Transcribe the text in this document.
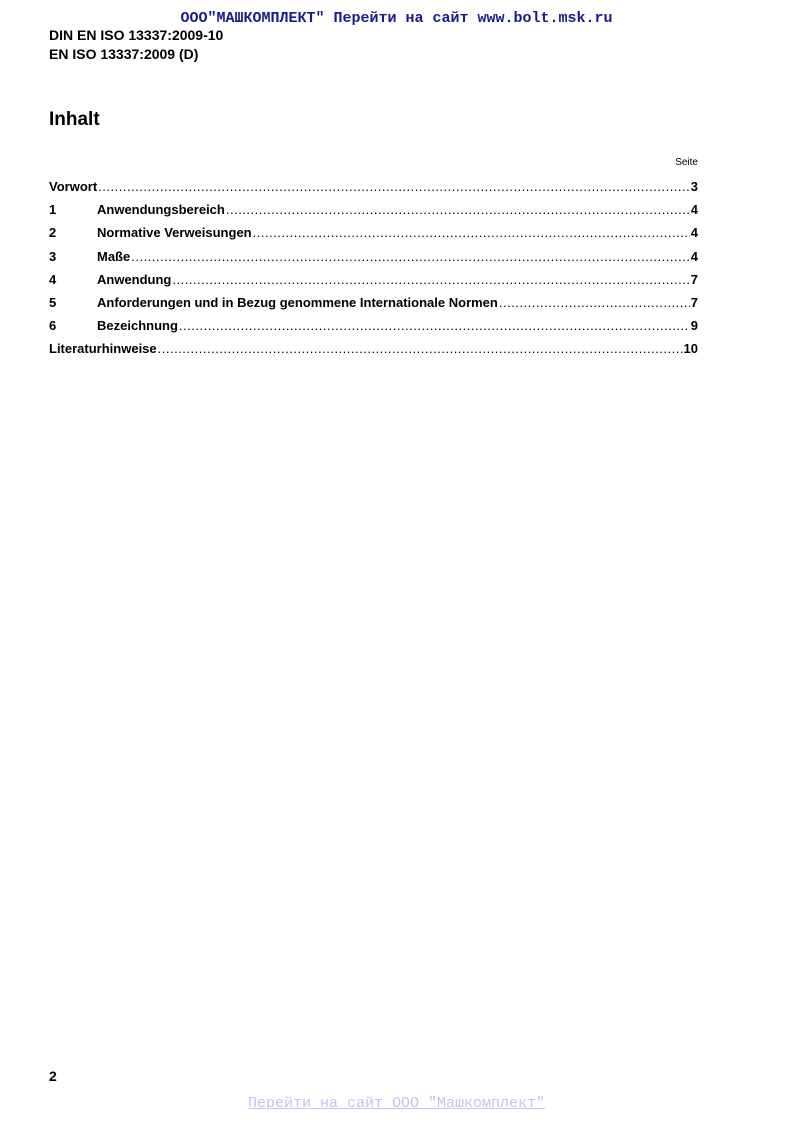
ООО"МАШКОМПЛЕКТ" Перейти на сайт www.bolt.msk.ru
DIN EN ISO 13337:2009-10
EN ISO 13337:2009 (D)
Inhalt
Seite
Vorwort .....	3
1	Anwendungsbereich .....	4
2	Normative Verweisungen .....	4
3	Maße .....	4
4	Anwendung .....	7
5	Anforderungen und in Bezug genommene Internationale Normen .....	7
6	Bezeichnung .....	9
Literaturhinweise .....	10
2
Перейти на сайт ООО "Машкомплект"
